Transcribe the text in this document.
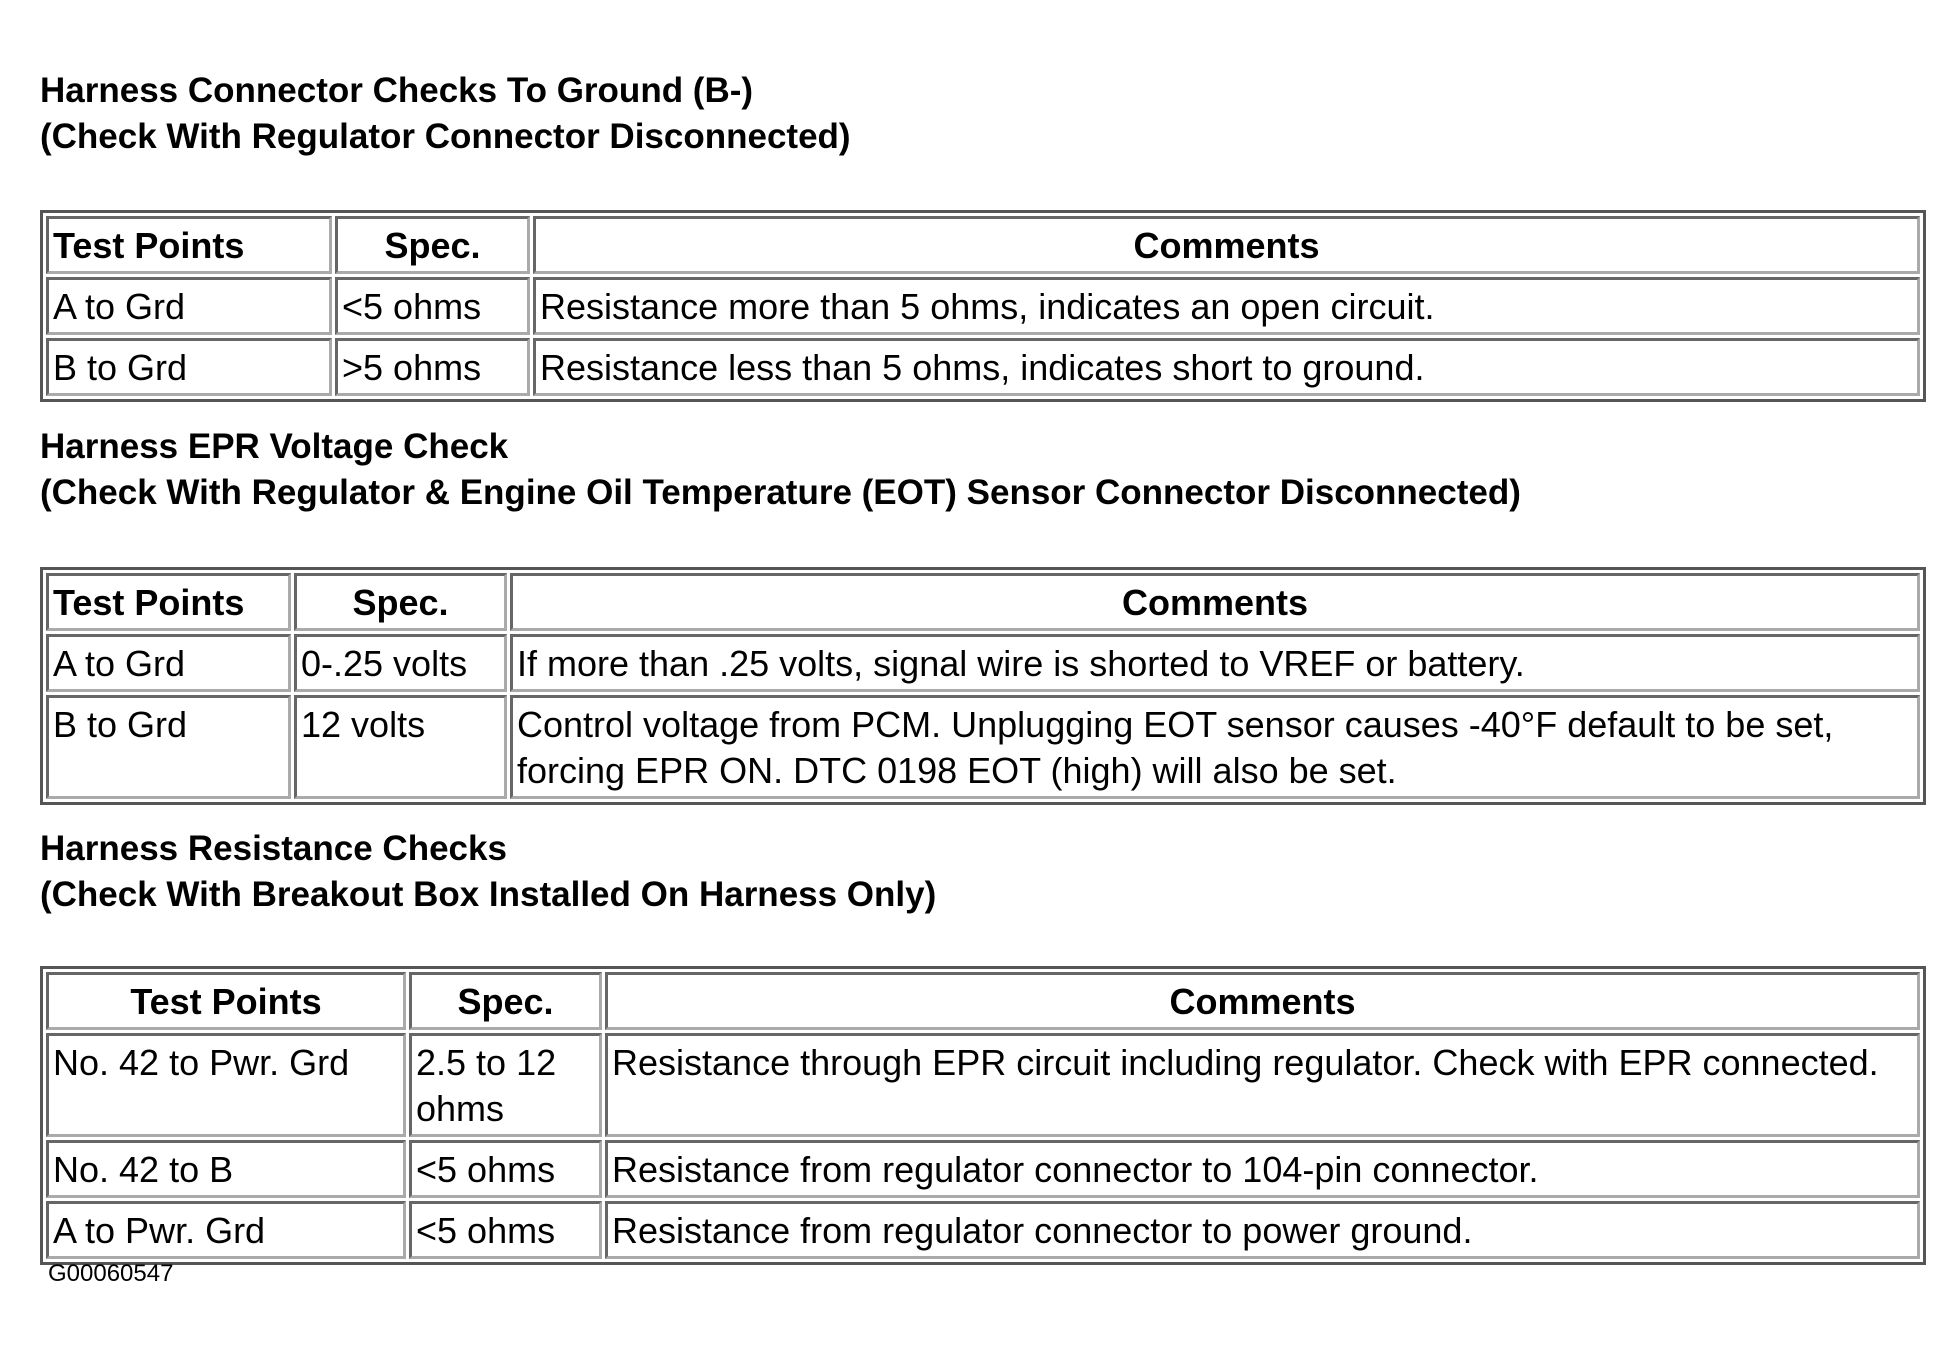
Harness Connector Checks To Ground (B-)

(Check With Regulator Connector Disconnected)

Test Points	Spec.	Comments
A to Grd	<5 ohms	Resistance more than 5 ohms, indicates an open circuit.
B to Grd	>5 ohms	Resistance less than 5 ohms, indicates short to ground.

Harness EPR Voltage Check

(Check With Regulator & Engine Oil Temperature (EOT) Sensor Connector Disconnected)

Test Points	Spec.	Comments
A to Grd	0-.25 volts	If more than .25 volts, signal wire is shorted to VREF or battery.
B to Grd	12 volts	Control voltage from PCM. Unplugging EOT sensor causes -40°F default to be set, forcing EPR ON. DTC 0198 EOT (high) will also be set.

Harness Resistance Checks

(Check With Breakout Box Installed On Harness Only)

Test Points	Spec.	Comments
No. 42 to Pwr. Grd	2.5 to 12 ohms	Resistance through EPR circuit including regulator. Check with EPR connected.
No. 42 to B	<5 ohms	Resistance from regulator connector to 104-pin connector.
A to Pwr. Grd	<5 ohms	Resistance from regulator connector to power ground.
G00060547
